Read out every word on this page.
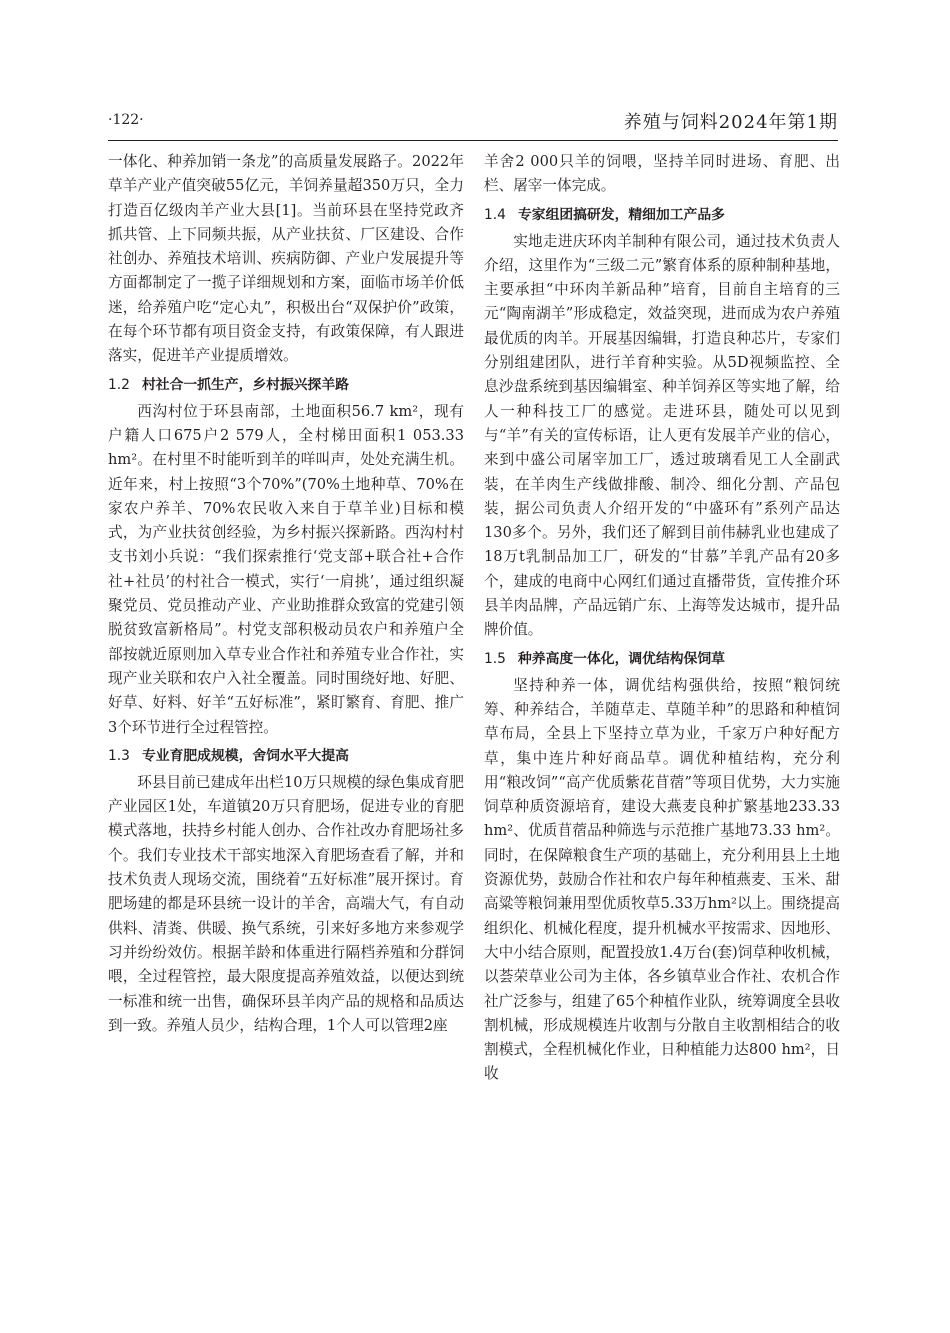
·122·	养殖与饲料2024年第1期

一体化、种养加销一条龙”的高质量发展路子。2022年草羊产业产值突破55亿元，羊饲养量超350万只，全力打造百亿级肉羊产业大县[1]。当前环县在坚持党政齐抓共管、上下同频共振，从产业扶贫、厂区建设、合作社创办、养殖技术培训、疾病防御、产业户发展提升等方面都制定了一揽子详细规划和方案，面临市场羊价低迷，给养殖户吃“定心丸”，积极出台“双保护价”政策，在每个环节都有项目资金支持，有政策保障，有人跟进落实，促进羊产业提质增效。

1.2 村社合一抓生产，乡村振兴探羊路

西沟村位于环县南部，土地面积56.7 km²，现有户籍人口675户2 579人，全村梯田面积1 053.33 hm²。在村里不时能听到羊的咩叫声，处处充满生机。近年来，村上按照“3个70%”(70%土地种草、70%在家农户养羊、70%农民收入来自于草羊业)目标和模式，为产业扶贫创经验，为乡村振兴探新路。西沟村村支书刘小兵说：“我们探索推行‘党支部+联合社+合作社+社员’的村社合一模式，实行‘一肩挑’，通过组织凝聚党员、党员推动产业、产业助推群众致富的党建引领脱贫致富新格局”。村党支部积极动员农户和养殖户全部按就近原则加入草专业合作社和养殖专业合作社，实现产业关联和农户入社全覆盖。同时围绕好地、好肥、好草、好料、好羊“五好标准”，紧盯繁育、育肥、推广3个环节进行全过程管控。

1.3 专业育肥成规模，舍饲水平大提高

环县目前已建成年出栏10万只规模的绿色集成育肥产业园区1处，车道镇20万只育肥场，促进专业的育肥模式落地，扶持乡村能人创办、合作社改办育肥场社多个。我们专业技术干部实地深入育肥场查看了解，并和技术负责人现场交流，围绕着“五好标准”展开探讨。育肥场建的都是环县统一设计的羊舍，高端大气，有自动供料、清粪、供暖、换气系统，引来好多地方来参观学习并纷纷效仿。根据羊龄和体重进行隔档养殖和分群饲喂，全过程管控，最大限度提高养殖效益，以便达到统一标准和统一出售，确保环县羊肉产品的规格和品质达到一致。养殖人员少，结构合理，1个人可以管理2座

羊舍2 000只羊的饲喂，坚持羊同时进场、育肥、出栏、屠宰一体完成。

1.4 专家组团搞研发，精细加工产品多

实地走进庆环肉羊制种有限公司，通过技术负责人介绍，这里作为“三级二元”繁育体系的原种制种基地，主要承担“中环肉羊新品种”培育，目前自主培育的三元“陶南湖羊”形成稳定，效益突现，进而成为农户养殖最优质的肉羊。开展基因编辑，打造良种芯片，专家们分别组建团队，进行羊育种实验。从5D视频监控、全息沙盘系统到基因编辑室、种羊饲养区等实地了解，给人一种科技工厂的感觉。走进环县，随处可以见到与“羊”有关的宣传标语，让人更有发展羊产业的信心，来到中盛公司屠宰加工厂，透过玻璃看见工人全副武装，在羊肉生产线做排酸、制冷、细化分割、产品包装，据公司负责人介绍开发的“中盛环有”系列产品达130多个。另外，我们还了解到目前伟赫乳业也建成了18万t乳制品加工厂，研发的“甘慕”羊乳产品有20多个，建成的电商中心网红们通过直播带货，宣传推介环县羊肉品牌，产品远销广东、上海等发达城市，提升品牌价值。

1.5 种养高度一体化，调优结构保饲草

坚持种养一体，调优结构强供给，按照“粮饲统筹、种养结合，羊随草走、草随羊种”的思路和种植饲草布局，全县上下坚持立草为业，千家万户种好配方草，集中连片种好商品草。调优种植结构，充分利用“粮改饲”“高产优质紫花苜蓿”等项目优势，大力实施饲草种质资源培育，建设大燕麦良种扩繁基地233.33 hm²、优质苜蓿品种筛选与示范推广基地73.33 hm²。同时，在保障粮食生产项的基础上，充分利用县上土地资源优势，鼓励合作社和农户每年种植燕麦、玉米、甜高粱等粮饲兼用型优质牧草5.33万hm²以上。围绕提高组织化、机械化程度，提升机械水平按需求、因地形、大中小结合原则，配置投放1.4万台(套)饲草种收机械，以荟荣草业公司为主体，各乡镇草业合作社、农机合作社广泛参与，组建了65个种植作业队，统筹调度全县收割机械，形成规模连片收割与分散自主收割相结合的收割模式，全程机械化作业，日种植能力达800 hm²，日收
